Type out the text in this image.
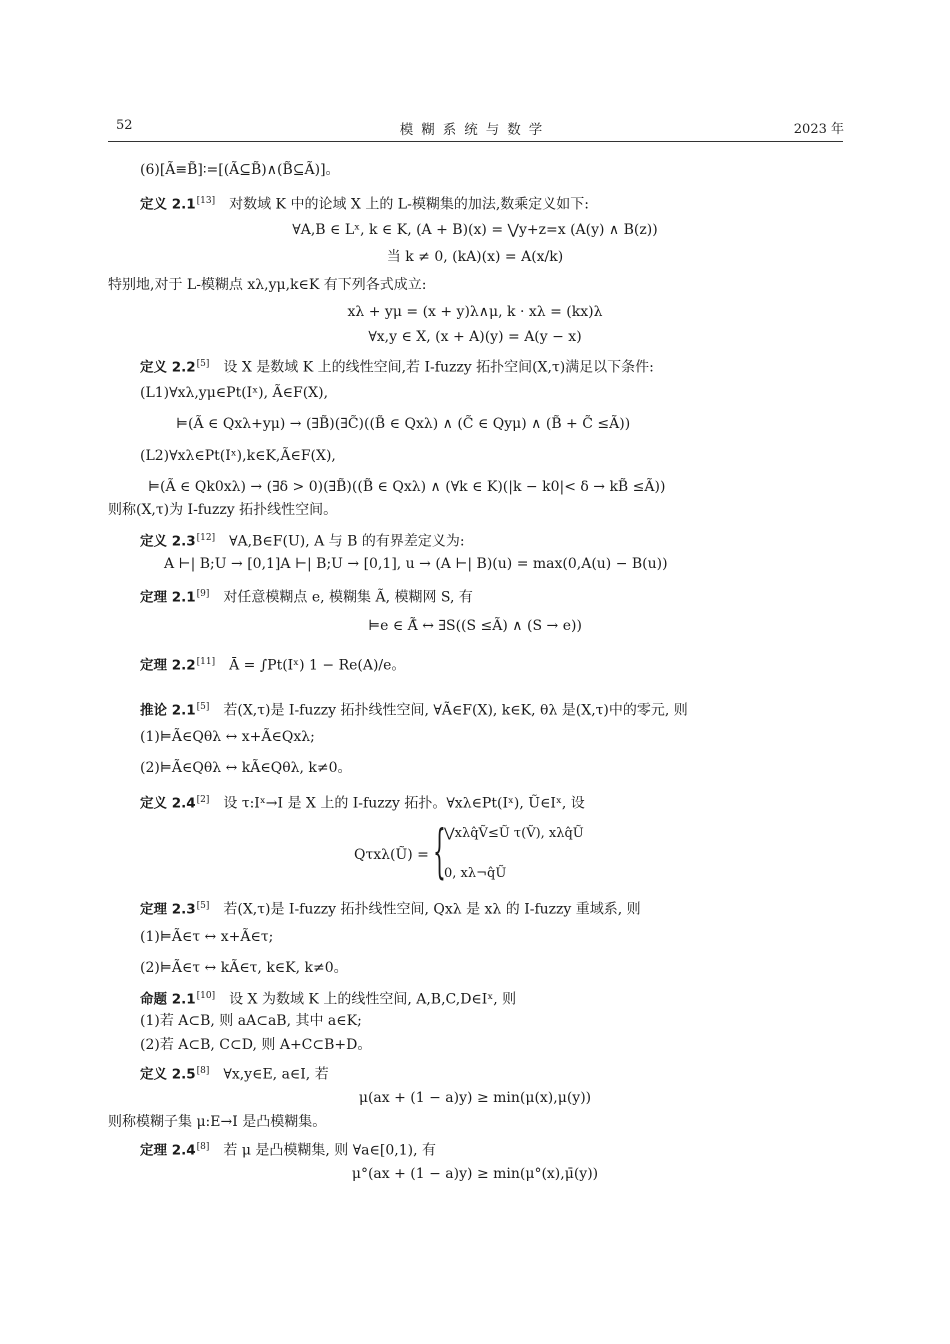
52	模糊系统与数学	2023 年
(6)[Ã≡B̃]∶=[(Ã⊆B̃)∧(B̃⊆Ã)]。
定义 2.1[13] 对数域 K 中的论域 X 上的 L-模糊集的加法,数乘定义如下:
∀A,B ∈ Lˣ, k ∈ K, (A + B)(x) = ⋁y+z=x (A(y) ∧ B(z))
当 k ≠ 0, (kA)(x) = A(x/k)
特别地,对于 L-模糊点 xλ,yμ,k∈K 有下列各式成立:
xλ + yμ = (x + y)λ∧μ, k · xλ = (kx)λ
∀x,y ∈ X, (x + A)(y) = A(y − x)
定义 2.2[5] 设 X 是数域 K 上的线性空间,若 I-fuzzy 拓扑空间(X,τ)满足以下条件:
(L1)∀xλ,yμ∈Pt(Iˣ), Ã∈F(X),
⊨(Ã ∈ Qxλ+yμ) → (∃B̃)(∃C̃)((B̃ ∈ Qxλ) ∧ (C̃ ∈ Qyμ) ∧ (B̃ + C̃ ≤Ã))
(L2)∀xλ∈Pt(Iˣ),k∈K,Ã∈F(X),
⊨(Ã ∈ Qk0xλ) → (∃δ > 0)(∃B̃)((B̃ ∈ Qxλ) ∧ (∀k ∈ K)(|k − k0|< δ → kB̃ ≤Ã))
则称(X,τ)为 I-fuzzy 拓扑线性空间。
定义 2.3[12] ∀A,B∈F(U), A 与 B 的有界差定义为:
A ⊢| B;U → [0,1]A ⊢| B;U → [0,1], u → (A ⊢| B)(u) = max(0,A(u) − B(u))
定理 2.1[9] 对任意模糊点 e, 模糊集 Ã, 模糊网 S, 有
⊨e ∈ Ã̄ ↔ ∃S((S ≤Ã) ∧ (S → e))
定理 2.2[11] Ā = ∫Pt(Iˣ) 1 − Re(A)/e。
推论 2.1[5] 若(X,τ)是 I-fuzzy 拓扑线性空间, ∀Ã∈F(X), k∈K, θλ 是(X,τ)中的零元, 则
(1)⊨Ã∈Qθλ ↔ x+Ã∈Qxλ;
(2)⊨Ã∈Qθλ ↔ kÃ∈Qθλ, k≠0。
定义 2.4[2] 设 τ:Iˣ→I 是 X 上的 I-fuzzy 拓扑。∀xλ∈Pt(Iˣ), Ũ∈Iˣ, 设
Qτxλ(Ũ) = {
⋁xλq̂Ṽ≤Ũ τ(Ṽ), xλq̂Ũ
0, xλ¬q̂Ũ
定理 2.3[5] 若(X,τ)是 I-fuzzy 拓扑线性空间, Qxλ 是 xλ 的 I-fuzzy 重域系, 则
(1)⊨Ã∈τ ↔ x+Ã∈τ;
(2)⊨Ã∈τ ↔ kÃ∈τ, k∈K, k≠0。
命题 2.1[10] 设 X 为数域 K 上的线性空间, A,B,C,D∈Iˣ, 则
(1)若 A⊂B, 则 aA⊂aB, 其中 a∈K;
(2)若 A⊂B, C⊂D, 则 A+C⊂B+D。
定义 2.5[8] ∀x,y∈E, a∈I, 若
μ(ax + (1 − a)y) ≥ min(μ(x),μ(y))
则称模糊子集 μ:E→I 是凸模糊集。
定理 2.4[8] 若 μ 是凸模糊集, 则 ∀a∈[0,1), 有
μ°(ax + (1 − a)y) ≥ min(μ°(x),μ̄(y))
